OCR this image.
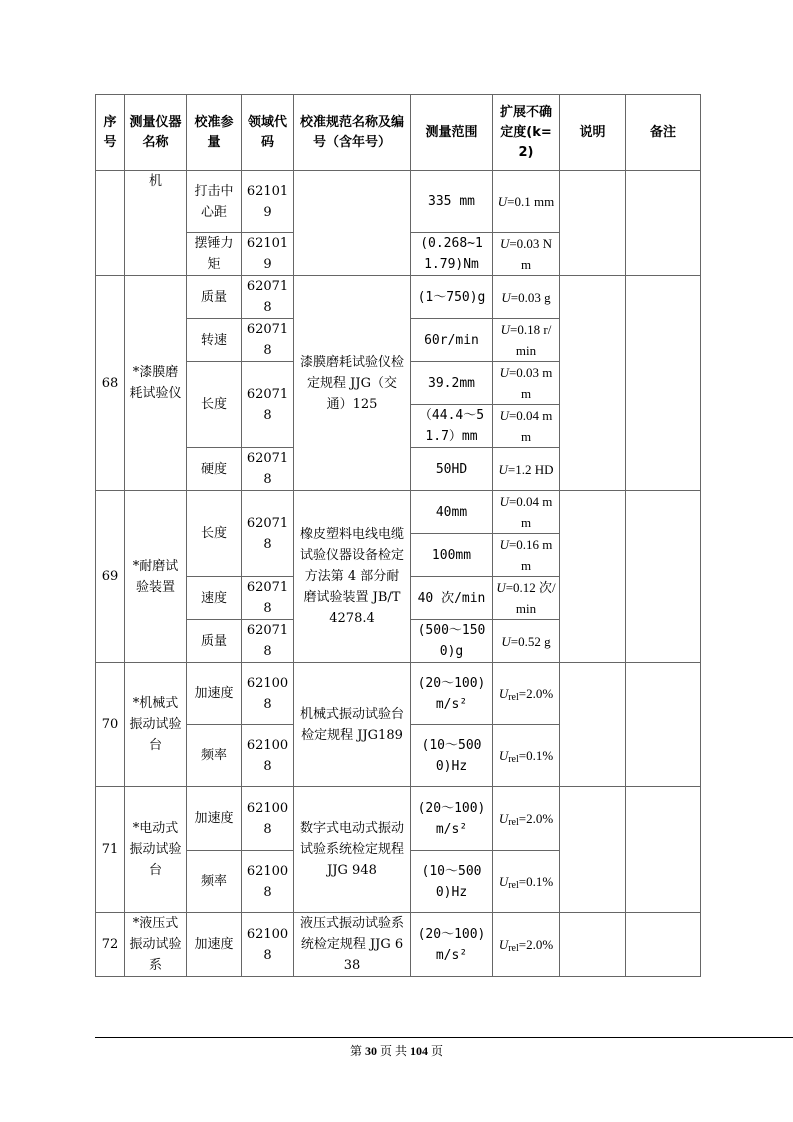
序号	测量仪器名称	校准参量	领域代码	校准规范名称及编号（含年号）	测量范围	扩展不确定度(k=2)	说明	备注

	机	打击中心距	621019		335 mm	U=0.1 mm		

		摆锤力矩	621019		(0.268~11.79)Nm	U=0.03 Nm		

68	*漆膜磨耗试验仪	质量	620718	漆膜磨耗试验仪检定规程 JJG（交通）125	(1～750)g	U=0.03 g		

		转速	620718		60r/min	U=0.18 r/min		

		长度	620718		39.2mm	U=0.03 mm		

					（44.4～51.7）mm	U=0.04 mm		

		硬度	620718		50HD	U=1.2 HD		

69	*耐磨试验装置	长度	620718	橡皮塑料电线电缆试验仪器设备检定方法第 4 部分耐磨试验装置 JB/T4278.4	40mm	U=0.04 mm		

					100mm	U=0.16 mm		

		速度	620718		40 次/min	U=0.12 次/min		

		质量	620718		(500～1500)g	U=0.52 g		

70	*机械式振动试验台	加速度	621008	机械式振动试验台检定规程 JJG189	(20～100)m/s²	$U_{rel}=2.0\%$		

		频率	621008		(10～5000)Hz	$U_{rel}=0.1\%$		

71	*电动式振动试验台	加速度	621008	数字式电动式振动试验系统检定规程 JJG 948	(20～100)m/s²	$U_{rel}=2.0\%$		

		频率	621008		(10～5000)Hz	$U_{rel}=0.1\%$		

72	*液压式振动试验系	加速度	621008	液压式振动试验系统检定规程 JJG 638	(20～100)m/s²	$U_{rel}=2.0\%$		

第 30 页 共 104 页
